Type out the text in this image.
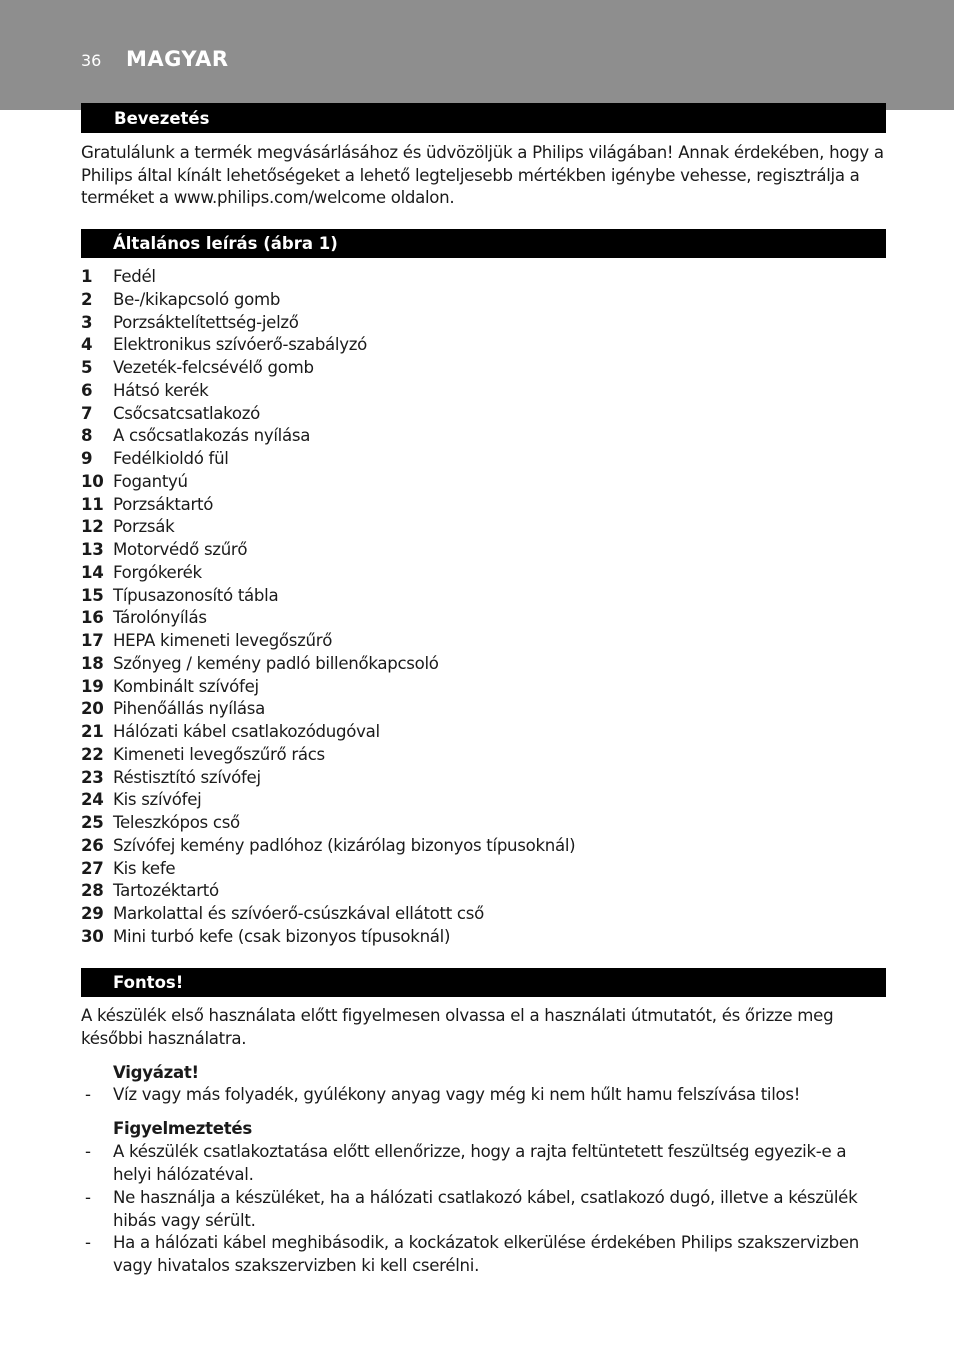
36 MAGYAR
Bevezetés

Gratulálunk a termék megvásárlásához és üdvözöljük a Philips világában! Annak érdekében, hogy a Philips által kínált lehetőségeket a lehető legteljesebb mértékben igénybe vehesse, regisztrálja a terméket a www.philips.com/welcome oldalon.

Általános leírás (ábra 1)
1 Fedél
2 Be-/kikapcsoló gomb
3 Porzsáktelítettség-jelző
4 Elektronikus szívóerő-szabályzó
5 Vezeték-felcsévélő gomb
6 Hátsó kerék
7 Csőcsatcsatlakozó
8 A csőcsatlakozás nyílása
9 Fedélkioldó fül
10 Fogantyú
11 Porzsáktartó
12 Porzsák
13 Motorvédő szűrő
14 Forgókerék
15 Típusazonosító tábla
16 Tárolónyílás
17 HEPA kimeneti levegőszűrő
18 Szőnyeg / kemény padló billenőkapcsoló
19 Kombinált szívófej
20 Pihenőállás nyílása
21 Hálózati kábel csatlakozódugóval
22 Kimeneti levegőszűrő rács
23 Réstisztító szívófej
24 Kis szívófej
25 Teleszkópos cső
26 Szívófej kemény padlóhoz (kizárólag bizonyos típusoknál)
27 Kis kefe
28 Tartozéktartó
29 Markolattal és szívóerő-csúszkával ellátott cső
30 Mini turbó kefe (csak bizonyos típusoknál)
Fontos!

A készülék első használata előtt figyelmesen olvassa el a használati útmutatót, és őrizze meg későbbi használatra.

Vigyázat!
- Víz vagy más folyadék, gyúlékony anyag vagy még ki nem hűlt hamu felszívása tilos!
Figyelmeztetés
- A készülék csatlakoztatása előtt ellenőrizze, hogy a rajta feltüntetett feszültség egyezik-e a helyi hálózatéval.
- Ne használja a készüléket, ha a hálózati csatlakozó kábel, csatlakozó dugó, illetve a készülék hibás vagy sérült.
- Ha a hálózati kábel meghibásodik, a kockázatok elkerülése érdekében Philips szakszervizben vagy hivatalos szakszervizben ki kell cserélni.
